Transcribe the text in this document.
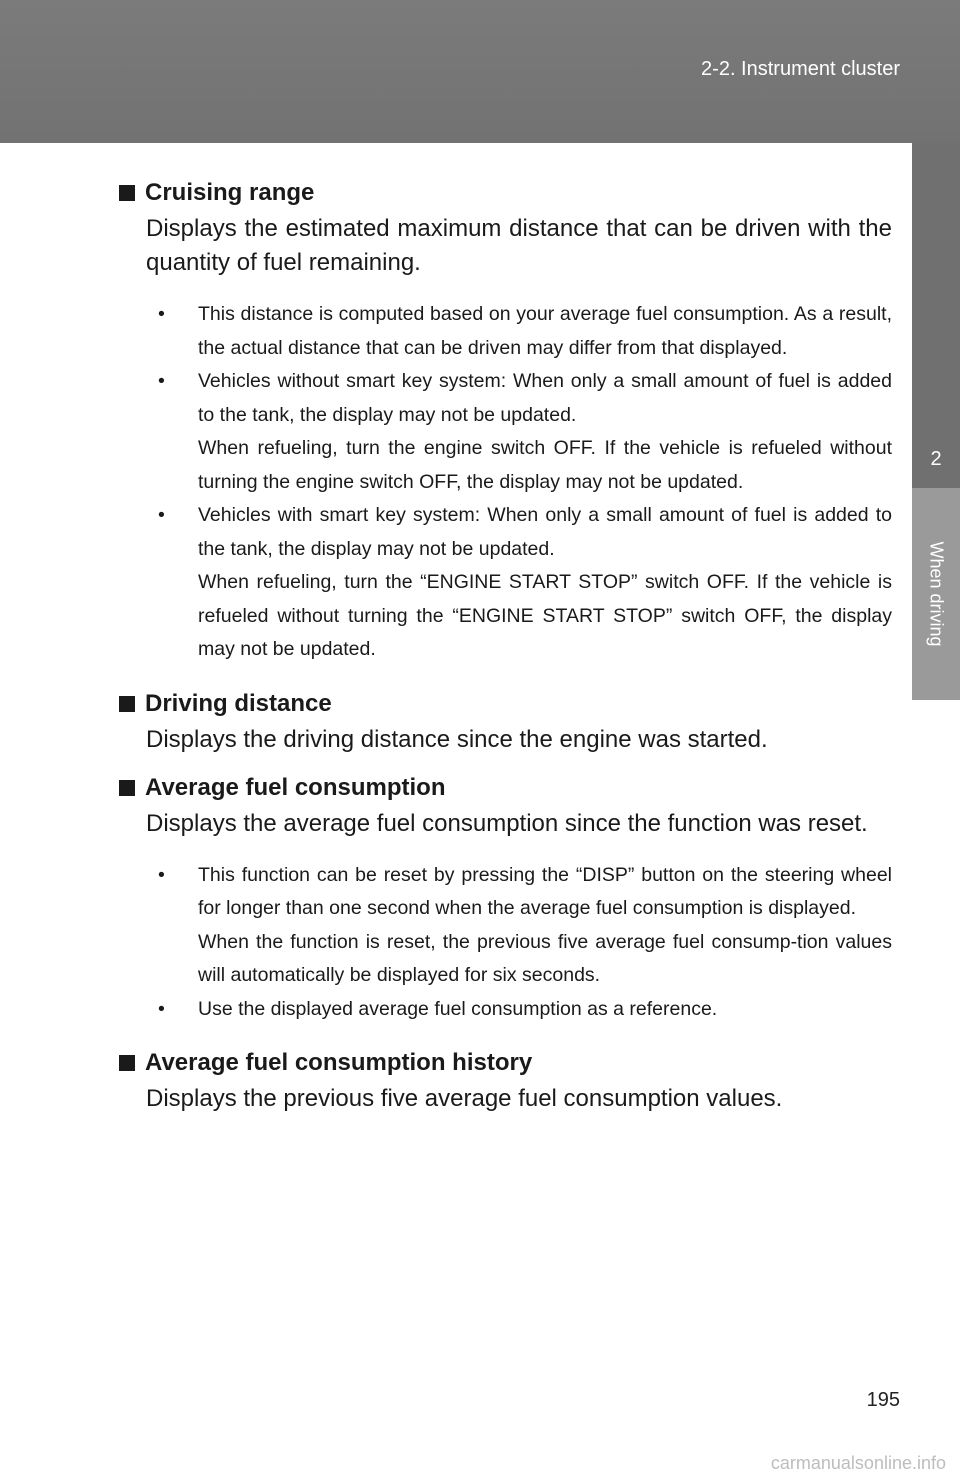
2-2. Instrument cluster
2
When driving
Cruising range
Displays the estimated maximum distance that can be driven with the quantity of fuel remaining.
•	This distance is computed based on your average fuel consumption. As a result, the actual distance that can be driven may differ from that displayed.
•	Vehicles without smart key system: When only a small amount of fuel is added to the tank, the display may not be updated.
When refueling, turn the engine switch OFF. If the vehicle is refueled without turning the engine switch OFF, the display may not be updated.
•	Vehicles with smart key system: When only a small amount of fuel is added to the tank, the display may not be updated.
When refueling, turn the “ENGINE START STOP” switch OFF. If the vehicle is refueled without turning the “ENGINE START STOP” switch OFF, the display may not be updated.
Driving distance
Displays the driving distance since the engine was started.
Average fuel consumption
Displays the average fuel consumption since the function was reset.
•	This function can be reset by pressing the “DISP” button on the steering wheel for longer than one second when the average fuel consumption is displayed.
When the function is reset, the previous five average fuel consump-tion values will automatically be displayed for six seconds.
•	Use the displayed average fuel consumption as a reference.
Average fuel consumption history
Displays the previous five average fuel consumption values.
195
carmanualsonline.info
